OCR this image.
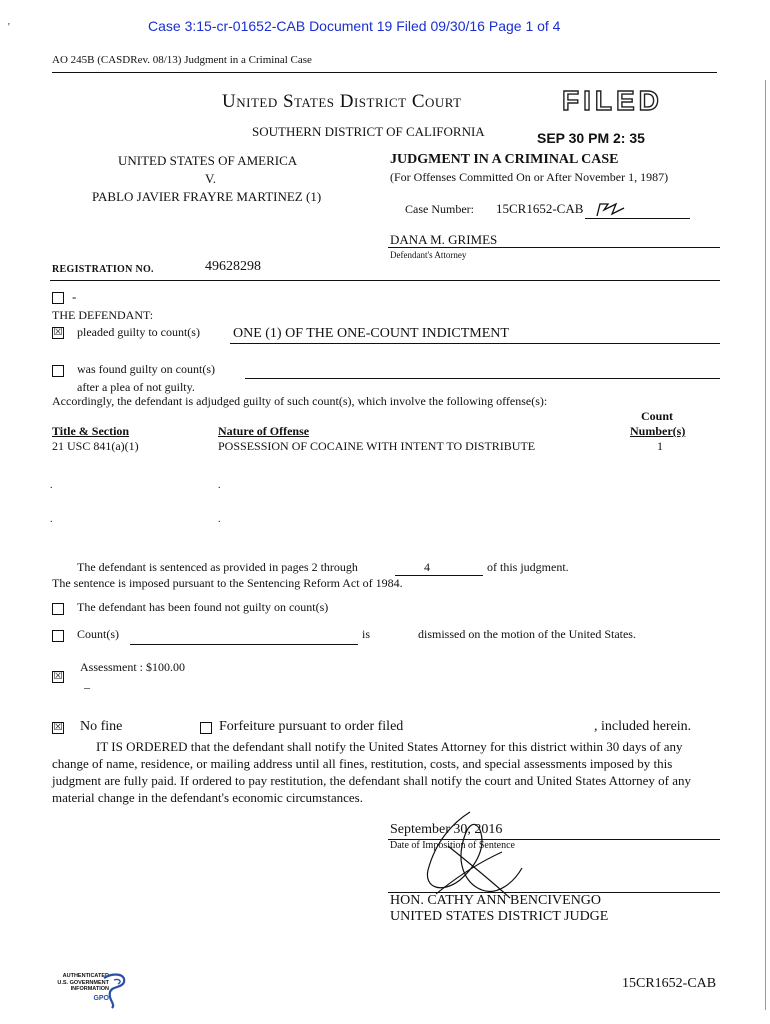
Case 3:15-cr-01652-CAB Document 19 Filed 09/30/16 Page 1 of 4
'
AO 245B (CASDRev. 08/13) Judgment in a Criminal Case
United States District Court	FILED
SOUTHERN DISTRICT OF CALIFORNIA	SEP 30 PM 2: 35
UNITED STATES OF AMERICA
V.
PABLO JAVIER FRAYRE MARTINEZ (1)
JUDGMENT IN A CRIMINAL CASE
(For Offenses Committed On or After November 1, 1987)
Case Number: 15CR1652-CAB
DANA M. GRIMES
Defendant's Attorney
REGISTRATION NO.	49628298
-
THE DEFENDANT:
☒ pleaded guilty to count(s) ONE (1) OF THE ONE-COUNT INDICTMENT
was found guilty on count(s)
after a plea of not guilty.
Accordingly, the defendant is adjudged guilty of such count(s), which involve the following offense(s):
Count
Title & Section	Nature of Offense	Number(s)
21 USC 841(a)(1)	POSSESSION OF COCAINE WITH INTENT TO DISTRIBUTE	1
.	.
.	.
The defendant is sentenced as provided in pages 2 through	4	of this judgment.
The sentence is imposed pursuant to the Sentencing Reform Act of 1984.
The defendant has been found not guilty on count(s)
Count(s)	is	dismissed on the motion of the United States.
Assessment : $100.00
☒
–
☒ No fine	Forfeiture pursuant to order filed	, included herein.
IT IS ORDERED that the defendant shall notify the United States Attorney for this district within 30 days of any change of name, residence, or mailing address until all fines, restitution, costs, and special assessments imposed by this judgment are fully paid. If ordered to pay restitution, the defendant shall notify the court and United States Attorney of any material change in the defendant's economic circumstances.
September 30, 2016
Date of Imposition of Sentence
HON. CATHY ANN BENCIVENGO
UNITED STATES DISTRICT JUDGE
AUTHENTICATED
U.S. GOVERNMENT
INFORMATION
GPO
15CR1652-CAB
